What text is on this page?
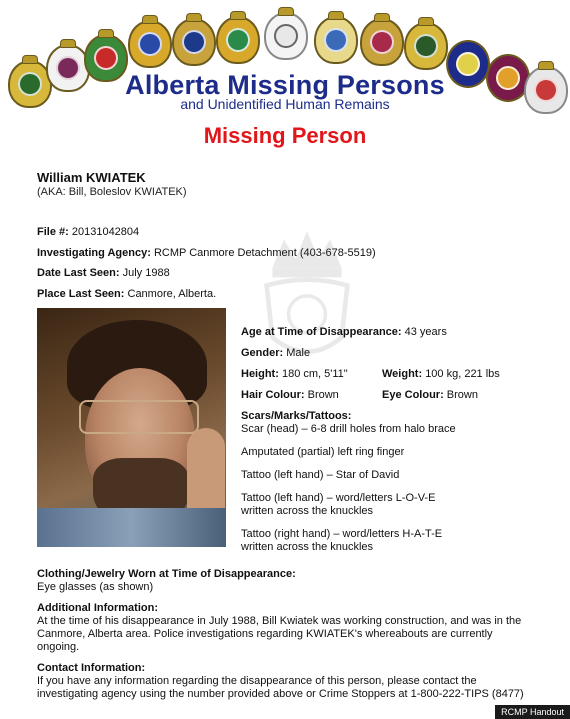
Alberta Missing Persons
and Unidentified Human Remains
Missing Person
William KWIATEK
(AKA: Bill, Boleslov KWIATEK)
File #: 20131042804
Investigating Agency: RCMP Canmore Detachment (403-678-5519)
Date Last Seen: July 1988
Place Last Seen: Canmore, Alberta.
Age at Time of Disappearance: 43 years
Gender: Male
Height: 180 cm, 5'11"	Weight: 100 kg, 221 lbs
Hair Colour: Brown	Eye Colour: Brown
Scars/Marks/Tattoos:
Scar (head) – 6-8 drill holes from halo brace
Amputated (partial) left ring finger
Tattoo (left hand) – Star of David
Tattoo (left hand) – word/letters L-O-V-E
written across the knuckles
Tattoo (right hand) – word/letters H-A-T-E
written across the knuckles
Clothing/Jewelry Worn at Time of Disappearance:
Eye glasses (as shown)
Additional Information:
At the time of his disappearance in July 1988, Bill Kwiatek was working construction, and was in the Canmore, Alberta area. Police investigations regarding KWIATEK's whereabouts are currently ongoing.
Contact Information:
If you have any information regarding the disappearance of this person, please contact the investigating agency using the number provided above or Crime Stoppers at 1-800-222-TIPS (8477)
RCMP Handout
